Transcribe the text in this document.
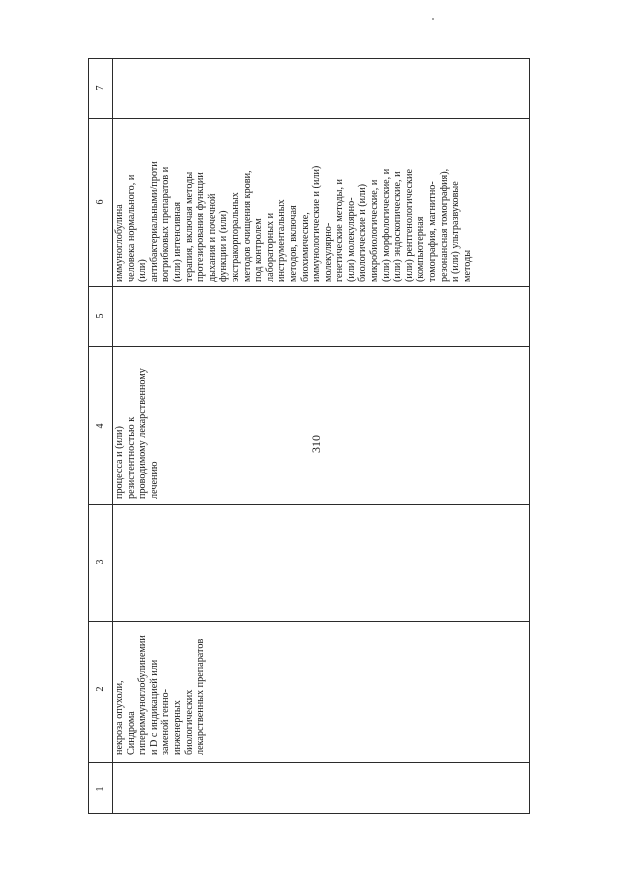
310
7
6
5
4
3
2
1
некроза опухоли,
Синдрома
гипериммуноглобулинемии
и D с индикацией или
заменой генно-
инженерных
биологических
лекарственных препаратов
процесса и (или)
резистентностью к
проводимому лекарственному
лечению
иммуноглобулина
человека нормального, и
(или)
антибактериальными/проти
вогрибковых препаратов и
(или) интенсивная
терапия, включая методы
протезирования функции
дыхания и почечной
функции и (или)
экстракорпоральных
методов очищения крови,
под контролем
лабораторных и
инструментальных
методов, включая
биохимические,
иммунологические и (или)
молекулярно-
генетические методы, и
(или) молекулярно-
биологические и (или)
микробиологические, и
(или) морфологические, и
(или) эндоскопические, и
(или) рентгенологические
(компьютерная
томография, магнитно-
резонансная томография),
и (или) ультразвуковые
методы
